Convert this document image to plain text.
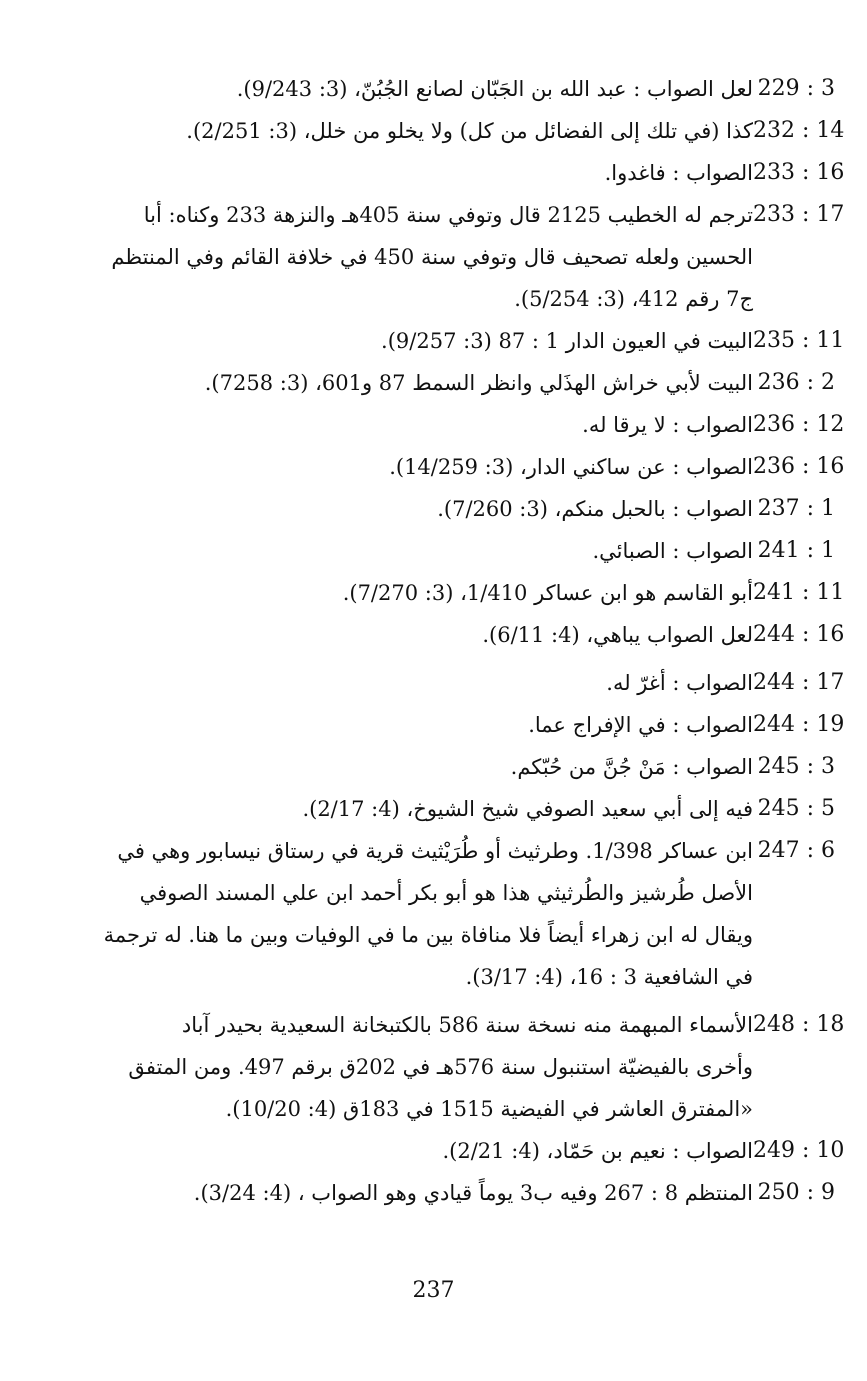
229 : 3
لعل الصواب : عبد الله بن الجَبّان لصانع الجُبُنّ، (3: 9/243).
232 : 14
كذا (في تلك إلى الفضائل من كل) ولا يخلو من خلل، (3: 2/251).
233 : 16
الصواب : فاغدوا.
233 : 17
ترجم له الخطيب 2125 قال وتوفي سنة 405هـ والنزهة 233 وكناه: أبا
الحسين ولعله تصحيف قال وتوفي سنة 450 في خلافة القائم وفي المنتظم
ج7 رقم 412، (3: 5/254).
235 : 11
البيت في العيون الدار 1 : 87 (3: 9/257).
236 : 2
البيت لأبي خراش الهذَلي وانظر السمط 87 و601، (3: 7258).
236 : 12
الصواب : لا يرقا له.
236 : 16
الصواب : عن ساكني الدار، (3: 14/259).
237 : 1
الصواب : بالحبل منكم، (3: 7/260).
241 : 1
الصواب : الصبائي.
241 : 11
أبو القاسم هو ابن عساكر 1/410، (3: 7/270).
244 : 16
لعل الصواب يباهي، (4: 6/11).
244 : 17
الصواب : أغرّ له.
244 : 19
الصواب : في الإفراج عما.
245 : 3
الصواب : مَنْ جُنَّ من حُبّكم.
245 : 5
فيه إلى أبي سعيد الصوفي شيخ الشيوخ، (4: 2/17).
247 : 6
ابن عساكر 1/398. وطرثيث أو طُرَيْثيث قرية في رستاق نيسابور وهي في
الأصل طُرشيز والطُرثيثي هذا هو أبو بكر أحمد ابن علي المسند الصوفي
ويقال له ابن زهراء أيضاً فلا منافاة بين ما في الوفيات وبين ما هنا. له ترجمة
في الشافعية 3 : 16، (4: 3/17).
248 : 18
الأسماء المبهمة منه نسخة سنة 586 بالكتبخانة السعيدية بحيدر آباد
وأخرى بالفيضيّة استنبول سنة 576هـ في 202ق برقم 497. ومن المتفق
«المفترق العاشر في الفيضية 1515 في 183ق (4: 10/20).
249 : 10
الصواب : نعيم بن حَمّاد، (4: 2/21).
250 : 9
المنتظم 8 : 267 وفيه ب3 يوماً قيادي وهو الصواب ، (4: 3/24).
237
